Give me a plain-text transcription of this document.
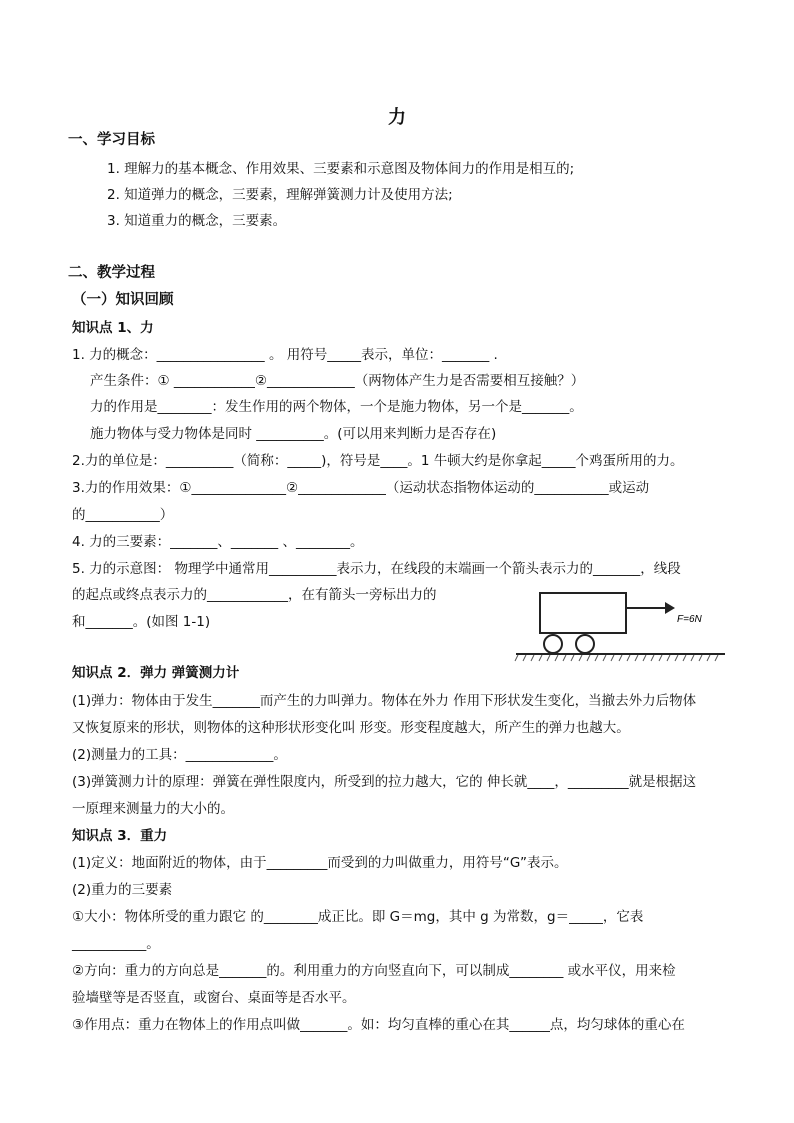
力
一、学习目标
1. 理解力的基本概念、作用效果、三要素和示意图及物体间力的作用是相互的;
2. 知道弹力的概念，三要素，理解弹簧测力计及使用方法;
3. 知道重力的概念，三要素。
二、教学过程
（一）知识回顾
知识点 1、力
1. 力的概念：________________ 。 用符号_____表示，单位：_______ .
产生条件：① ____________②_____________（两物体产生力是否需要相互接触？）
力的作用是________：发生作用的两个物体，一个是施力物体，另一个是_______。
施力物体与受力物体是同时 __________。(可以用来判断力是否存在)
2.力的单位是：__________（简称：_____)，符号是____。1 牛顿大约是你拿起_____个鸡蛋所用的力。
3.力的作用效果：①______________②_____________（运动状态指物体运动的___________或运动
的___________）
4. 力的三要素：_______、_______ 、________。
5. 力的示意图： 物理学中通常用__________表示力，在线段的末端画一个箭头表示力的_______，线段
的起点或终点表示力的____________，在有箭头一旁标出力的
和_______。(如图 1-1)	F=6N
知识点 2．弹力 弹簧测力计
(1)弹力：物体由于发生_______而产生的力叫弹力。物体在外力 作用下形状发生变化，当撤去外力后物体
又恢复原来的形状，则物体的这种形状形变化叫 形变。形变程度越大，所产生的弹力也越大。
(2)测量力的工具：_____________。
(3)弹簧测力计的原理：弹簧在弹性限度内，所受到的拉力越大，它的 伸长就____，_________就是根据这
一原理来测量力的大小的。
知识点 3．重力
(1)定义：地面附近的物体，由于_________而受到的力叫做重力，用符号“G”表示。
(2)重力的三要素
①大小：物体所受的重力跟它 的________成正比。即 G＝mg，其中 g 为常数，g＝_____，它表
___________。
②方向：重力的方向总是_______的。利用重力的方向竖直向下，可以制成________ 或水平仪，用来检
验墙壁等是否竖直，或窗台、桌面等是否水平。
③作用点：重力在物体上的作用点叫做_______。如：均匀直棒的重心在其______点，均匀球体的重心在
